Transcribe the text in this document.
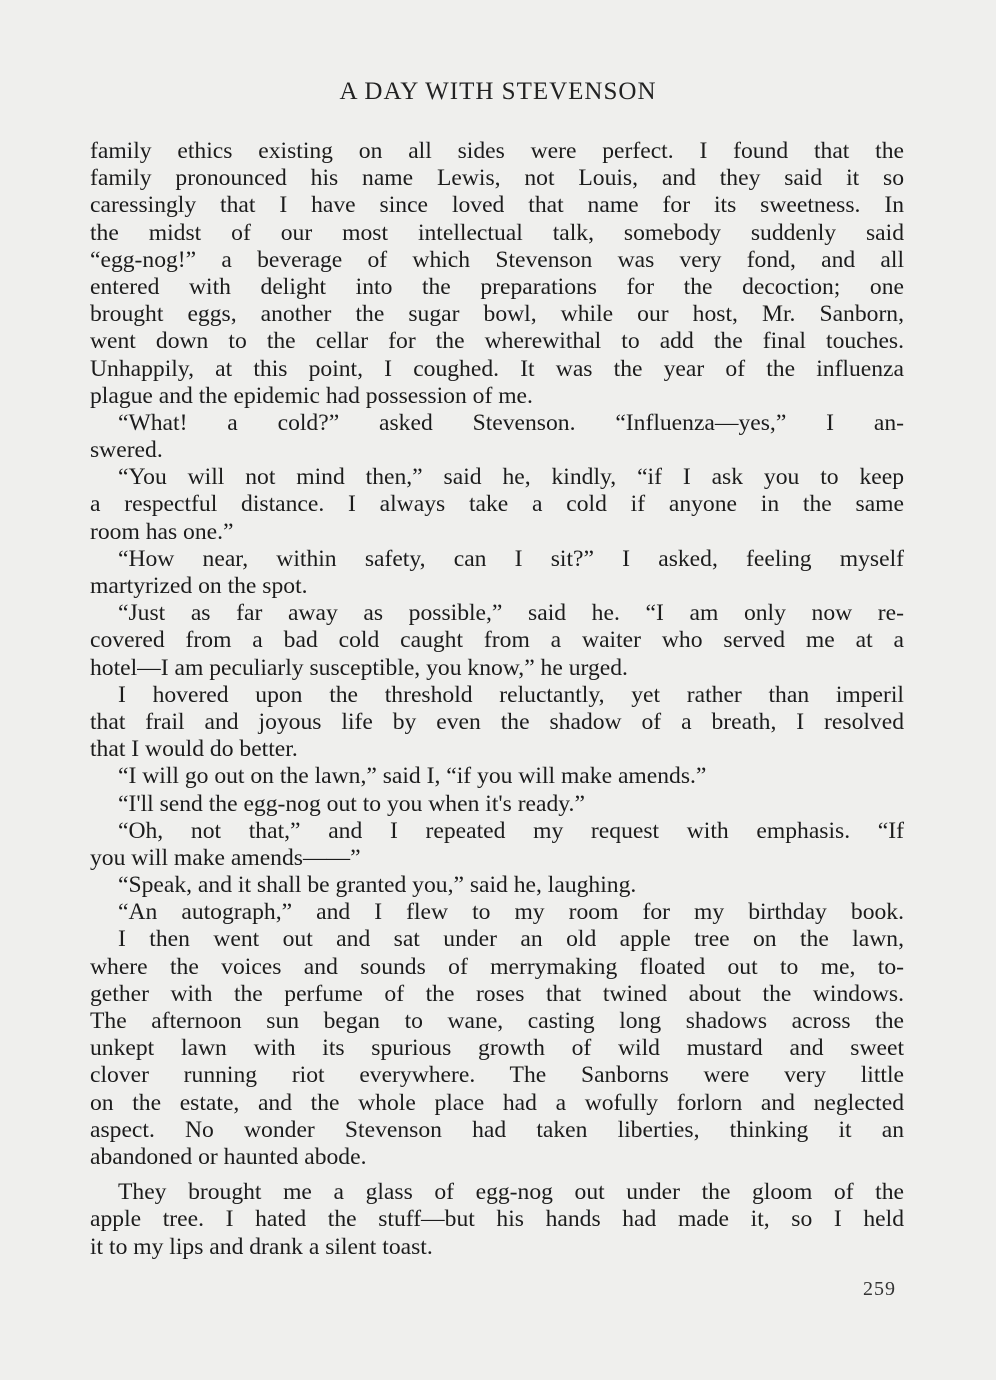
A DAY WITH STEVENSON
family ethics existing on all sides were perfect. I found that the
family pronounced his name Lewis, not Louis, and they said it so
caressingly that I have since loved that name for its sweetness. In
the midst of our most intellectual talk, somebody suddenly said
“egg-nog!” a beverage of which Stevenson was very fond, and all
entered with delight into the preparations for the decoction; one
brought eggs, another the sugar bowl, while our host, Mr. Sanborn,
went down to the cellar for the wherewithal to add the final touches.
Unhappily, at this point, I coughed. It was the year of the influenza
plague and the epidemic had possession of me.
“What! a cold?” asked Stevenson. “Influenza—yes,” I an-
swered.
“You will not mind then,” said he, kindly, “if I ask you to keep
a respectful distance. I always take a cold if anyone in the same
room has one.”
“How near, within safety, can I sit?” I asked, feeling myself
martyrized on the spot.
“Just as far away as possible,” said he. “I am only now re-
covered from a bad cold caught from a waiter who served me at a
hotel—I am peculiarly susceptible, you know,” he urged.
I hovered upon the threshold reluctantly, yet rather than imperil
that frail and joyous life by even the shadow of a breath, I resolved
that I would do better.
“I will go out on the lawn,” said I, “if you will make amends.”
“I'll send the egg-nog out to you when it's ready.”
“Oh, not that,” and I repeated my request with emphasis. “If
you will make amends——”
“Speak, and it shall be granted you,” said he, laughing.
“An autograph,” and I flew to my room for my birthday book.
I then went out and sat under an old apple tree on the lawn,
where the voices and sounds of merrymaking floated out to me, to-
gether with the perfume of the roses that twined about the windows.
The afternoon sun began to wane, casting long shadows across the
unkept lawn with its spurious growth of wild mustard and sweet
clover running riot everywhere. The Sanborns were very little
on the estate, and the whole place had a wofully forlorn and neglected
aspect. No wonder Stevenson had taken liberties, thinking it an
abandoned or haunted abode.
They brought me a glass of egg-nog out under the gloom of the
apple tree. I hated the stuff—but his hands had made it, so I held
it to my lips and drank a silent toast.
259
